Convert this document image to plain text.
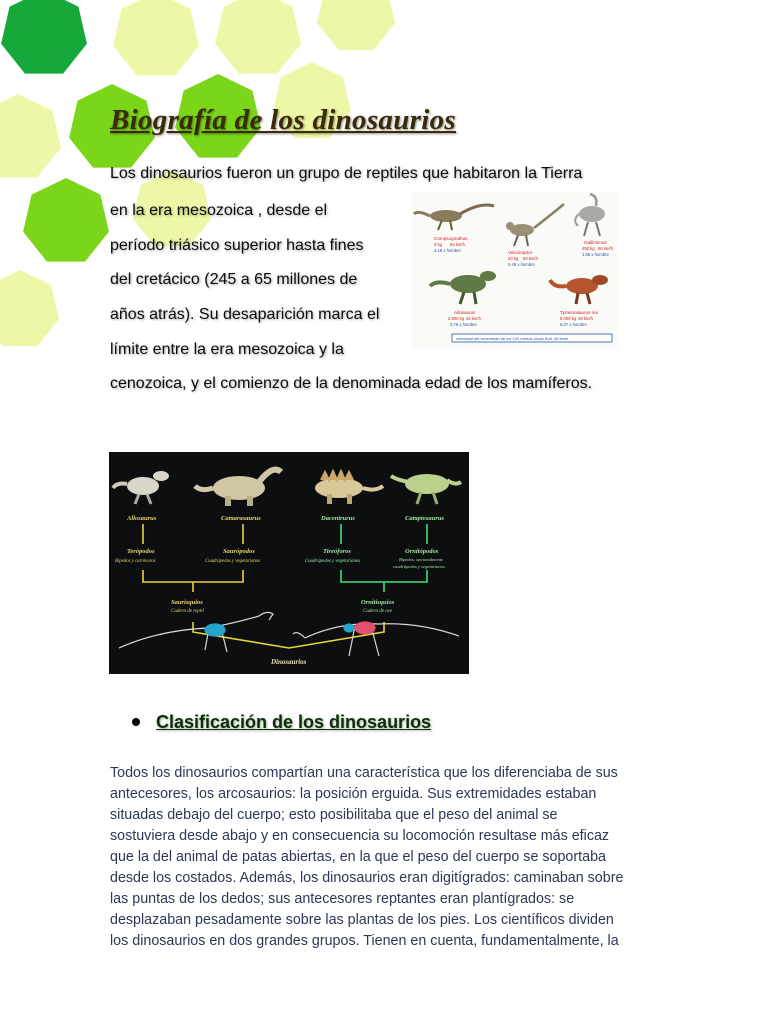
Biografía de los dinosaurios
Los dinosaurios fueron un grupo de reptiles que habitaron la Tierra
en la era mesozoica , desde el
período triásico superior hasta fines
del cretácico (245 a 65 millones de
años atrás). Su desaparición marca el
límite entre la era mesozoica y la
cenozoica, y el comienzo de la denominada edad de los mamíferos.
Compsognathus
3 kg 64 km/h
4.18 x hombre	Velociraptor
20 kg 50 km/h
0.49 x hombre
Gallimimus
450 kg 56 km/h
1.55 x hombre
Allosaurus
2.500 kg 34 km/h
3.76 x hombre
Tyrannosaurus rex
6.000 kg 29 km/h
5.07 x hombre
velocidad del recordman de los 100 metros Usain Bolt: 36 km/h
Allosaurus	Camarasaurus	Dacentrurus	Camptosaurus
Terópodos
Bípedos y carnívoros
Saurópodos
Cuadrúpedos y vegetarianos
Tireóforos
Cuadrúpedos y vegetarianos
Ornitópodos
Bípedos, opcionalmente
cuadrúpedos y vegetarianos
Saurisquios
Cadera de reptil
Ornitisquios
Cadera de ave
Dinosaurios
Clasificación de los dinosaurios
Todos los dinosaurios compartían una característica que los diferenciaba de sus
antecesores, los arcosaurios: la posición erguida. Sus extremidades estaban
situadas debajo del cuerpo; esto posibilitaba que el peso del animal se
sostuviera desde abajo y en consecuencia su locomoción resultase más eficaz
que la del animal de patas abiertas, en la que el peso del cuerpo se soportaba
desde los costados. Además, los dinosaurios eran digitígrados: caminaban sobre
las puntas de los dedos; sus antecesores reptantes eran plantígrados: se
desplazaban pesadamente sobre las plantas de los pies. Los científicos dividen
los dinosaurios en dos grandes grupos. Tienen en cuenta, fundamentalmente, la
